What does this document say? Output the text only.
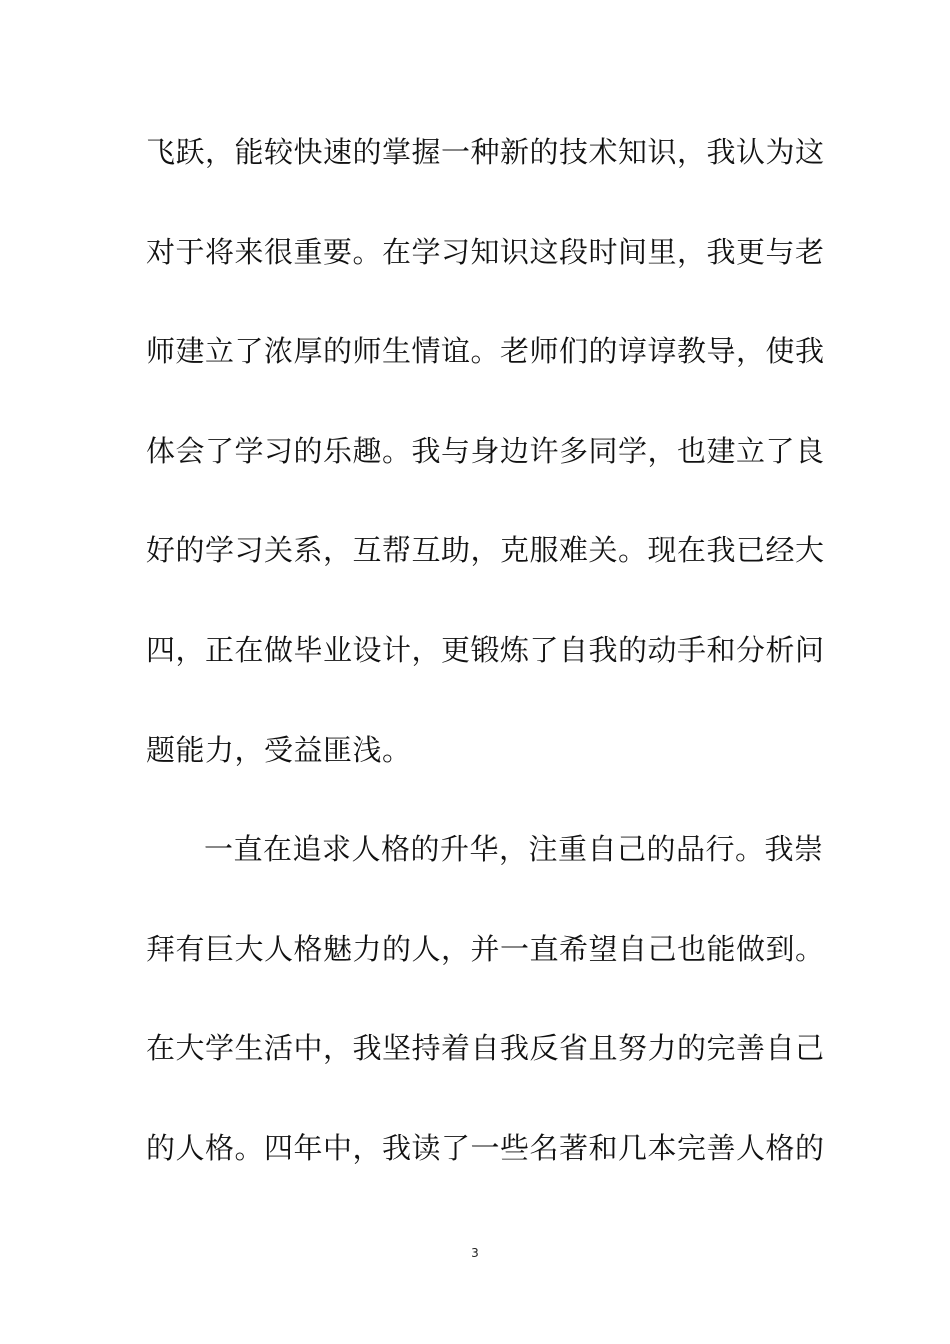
飞跃，能较快速的掌握一种新的技术知识，我认为这
对于将来很重要。在学习知识这段时间里，我更与老
师建立了浓厚的师生情谊。老师们的谆谆教导，使我
体会了学习的乐趣。我与身边许多同学，也建立了良
好的学习关系，互帮互助，克服难关。现在我已经大
四，正在做毕业设计，更锻炼了自我的动手和分析问
题能力，受益匪浅。
一直在追求人格的升华，注重自己的品行。我崇
拜有巨大人格魅力的人，并一直希望自己也能做到。
在大学生活中，我坚持着自我反省且努力的完善自己
的人格。四年中，我读了一些名著和几本完善人格的
3
